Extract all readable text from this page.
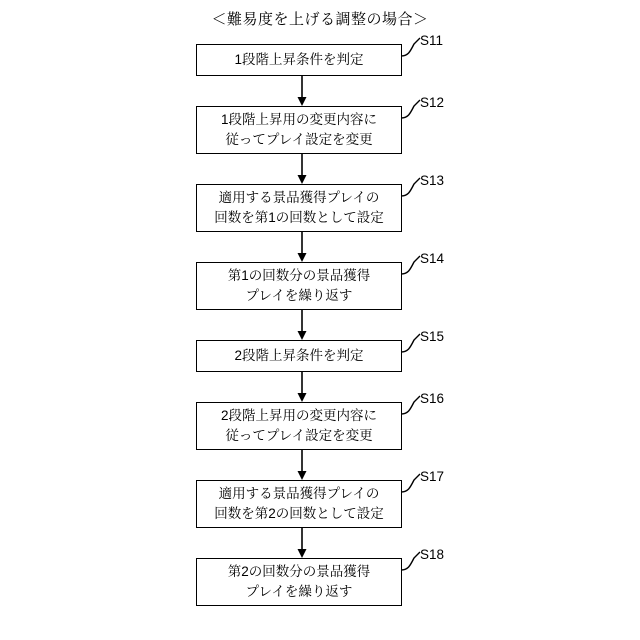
＜難易度を上げる調整の場合＞
1段階上昇条件を判定
S11
1段階上昇用の変更内容に
従ってプレイ設定を変更
S12
適用する景品獲得プレイの
回数を第1の回数として設定
S13
第1の回数分の景品獲得
プレイを繰り返す
S14
2段階上昇条件を判定
S15
2段階上昇用の変更内容に
従ってプレイ設定を変更
S16
適用する景品獲得プレイの
回数を第2の回数として設定
S17
第2の回数分の景品獲得
プレイを繰り返す
S18
